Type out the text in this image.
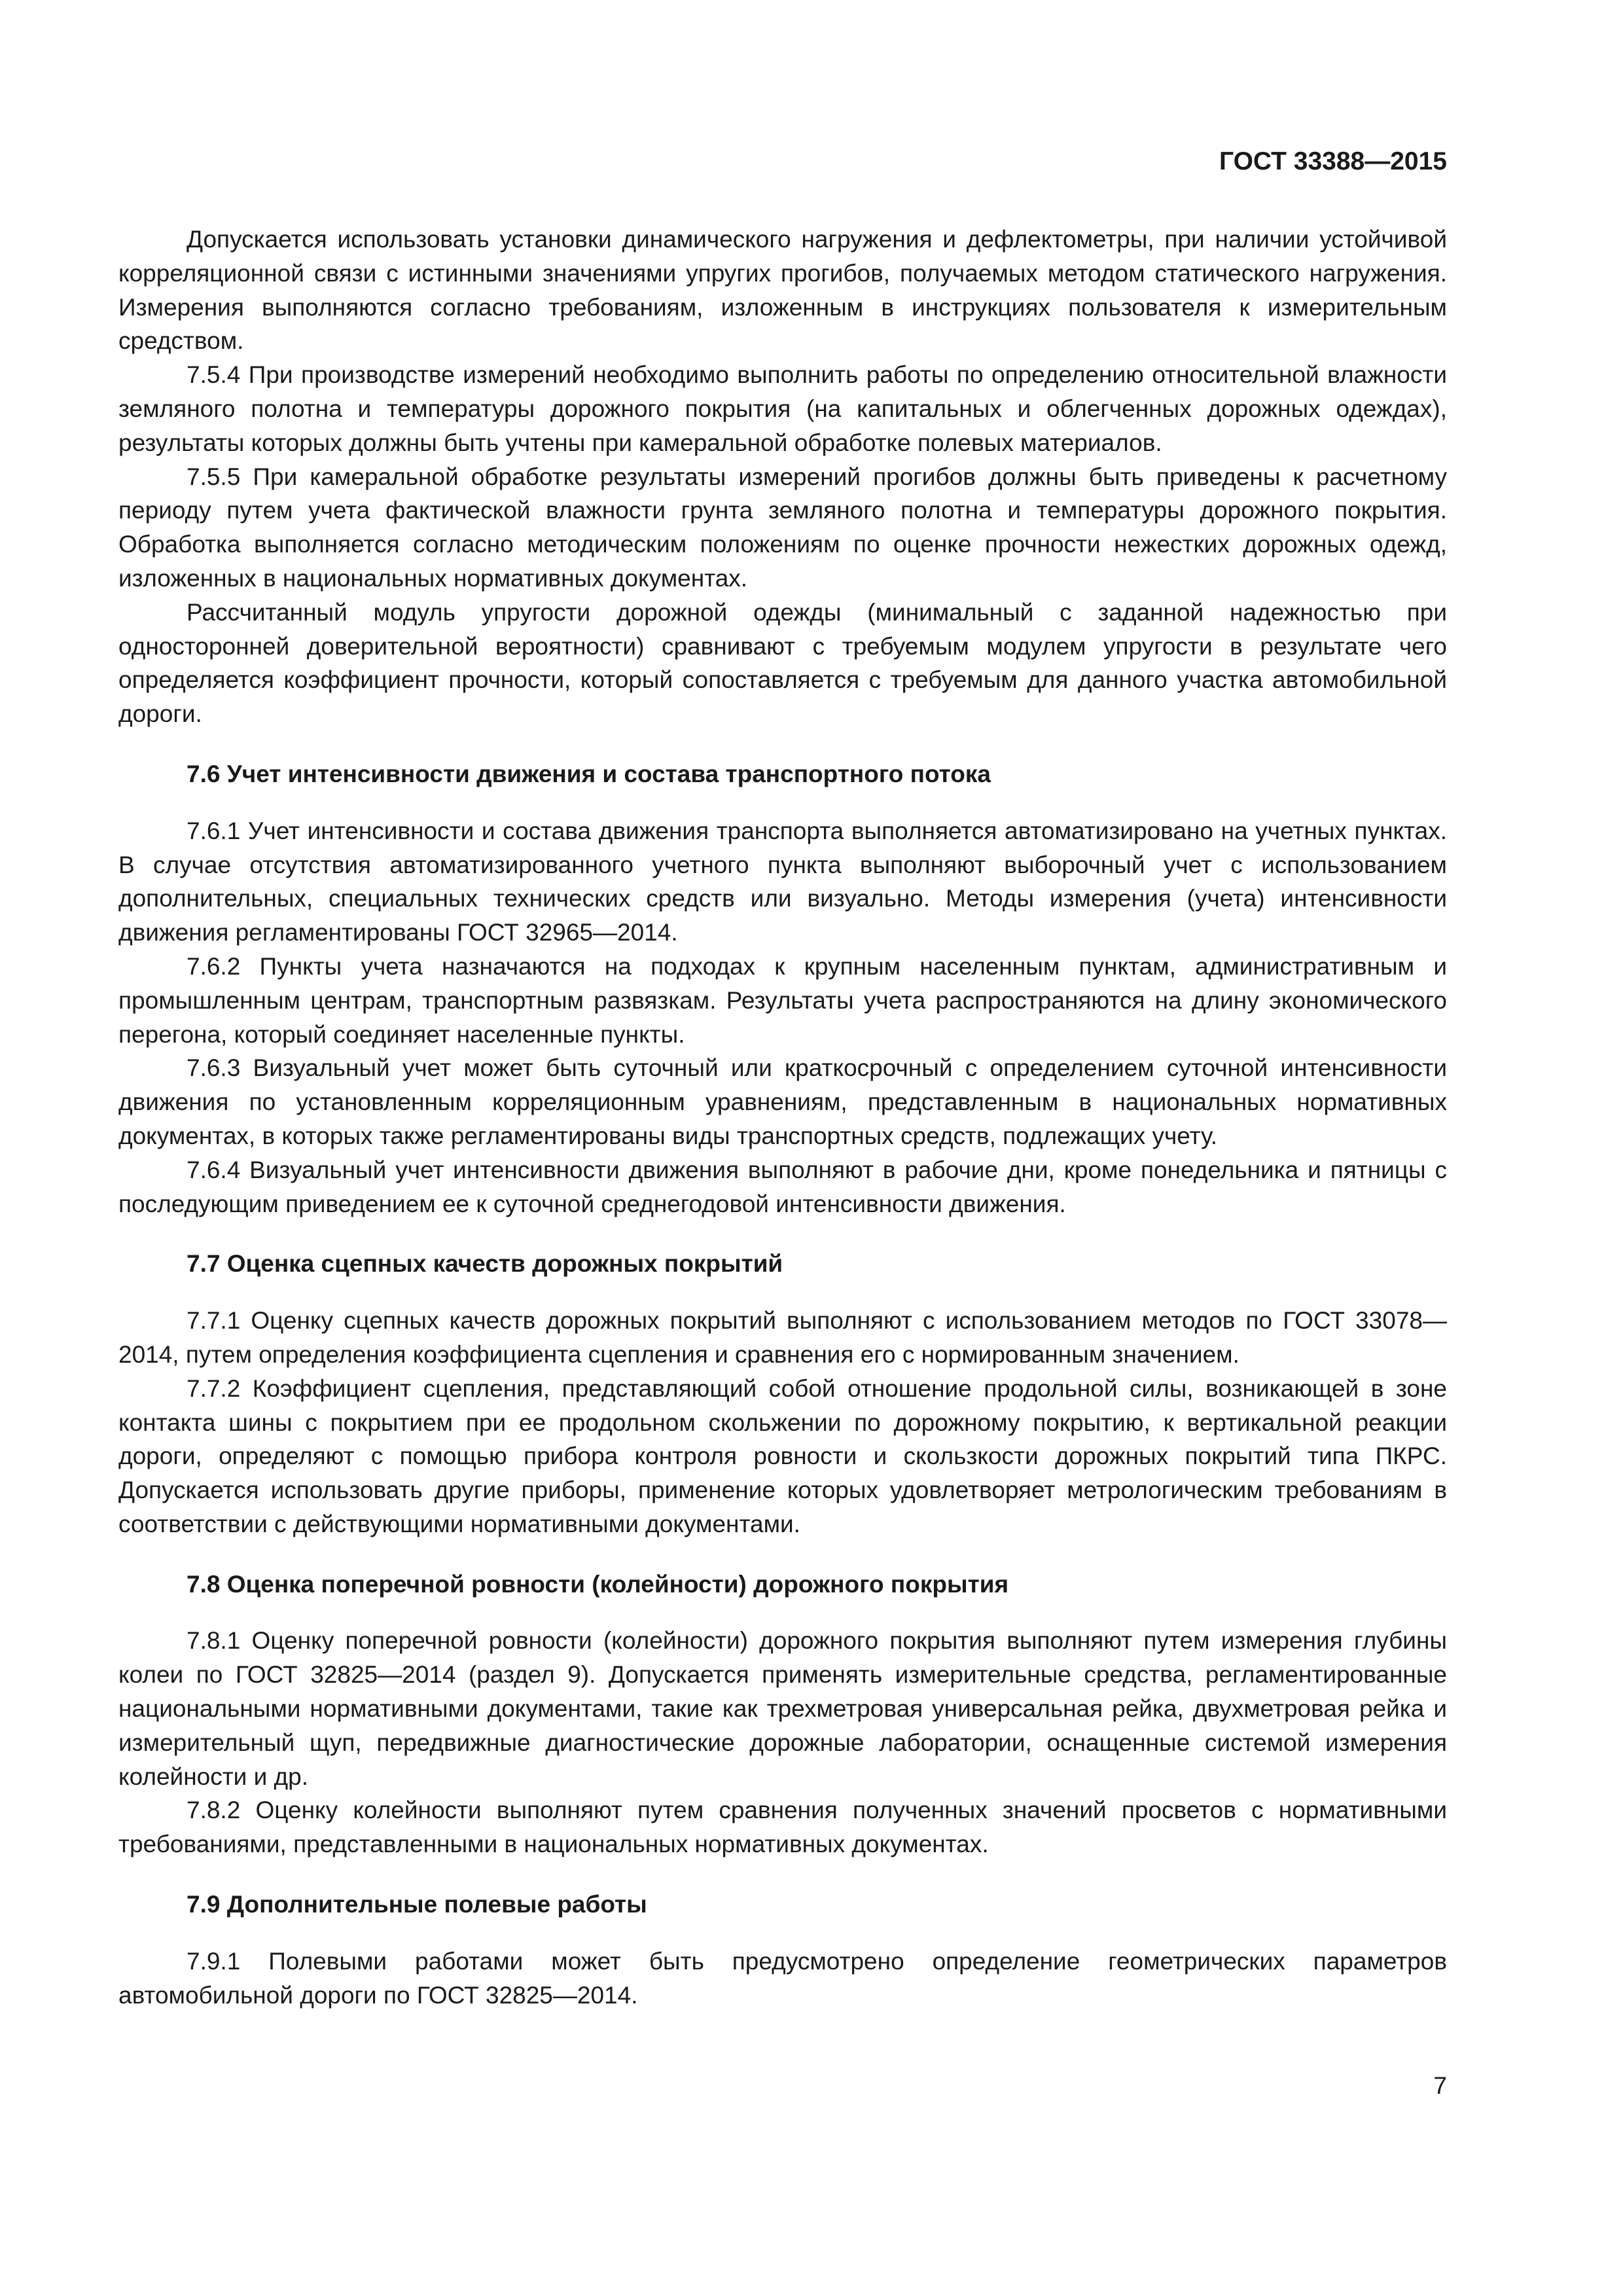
ГОСТ 33388—2015

Допускается использовать установки динамического нагружения и дефлектометры, при наличии устойчивой корреляционной связи с истинными значениями упругих прогибов, получаемых методом статического нагружения. Измерения выполняются согласно требованиям, изложенным в инструкциях пользователя к измерительным средством.

7.5.4 При производстве измерений необходимо выполнить работы по определению относительной влажности земляного полотна и температуры дорожного покрытия (на капитальных и облегченных дорожных одеждах), результаты которых должны быть учтены при камеральной обработке полевых материалов.

7.5.5 При камеральной обработке результаты измерений прогибов должны быть приведены к расчетному периоду путем учета фактической влажности грунта земляного полотна и температуры дорожного покрытия. Обработка выполняется согласно методическим положениям по оценке прочности нежестких дорожных одежд, изложенных в национальных нормативных документах.

Рассчитанный модуль упругости дорожной одежды (минимальный с заданной надежностью при односторонней доверительной вероятности) сравнивают с требуемым модулем упругости в результате чего определяется коэффициент прочности, который сопоставляется с требуемым для данного участка автомобильной дороги.

7.6 Учет интенсивности движения и состава транспортного потока

7.6.1 Учет интенсивности и состава движения транспорта выполняется автоматизировано на учетных пунктах. В случае отсутствия автоматизированного учетного пункта выполняют выборочный учет с использованием дополнительных, специальных технических средств или визуально. Методы измерения (учета) интенсивности движения регламентированы ГОСТ 32965—2014.

7.6.2 Пункты учета назначаются на подходах к крупным населенным пунктам, административным и промышленным центрам, транспортным развязкам. Результаты учета распространяются на длину экономического перегона, который соединяет населенные пункты.

7.6.3 Визуальный учет может быть суточный или краткосрочный с определением суточной интенсивности движения по установленным корреляционным уравнениям, представленным в национальных нормативных документах, в которых также регламентированы виды транспортных средств, подлежащих учету.

7.6.4 Визуальный учет интенсивности движения выполняют в рабочие дни, кроме понедельника и пятницы с последующим приведением ее к суточной среднегодовой интенсивности движения.

7.7 Оценка сцепных качеств дорожных покрытий

7.7.1 Оценку сцепных качеств дорожных покрытий выполняют с использованием методов по ГОСТ 33078—2014, путем определения коэффициента сцепления и сравнения его с нормированным значением.

7.7.2 Коэффициент сцепления, представляющий собой отношение продольной силы, возникающей в зоне контакта шины с покрытием при ее продольном скольжении по дорожному покрытию, к вертикальной реакции дороги, определяют с помощью прибора контроля ровности и скользкости дорожных покрытий типа ПКРС. Допускается использовать другие приборы, применение которых удовлетворяет метрологическим требованиям в соответствии с действующими нормативными документами.

7.8 Оценка поперечной ровности (колейности) дорожного покрытия

7.8.1 Оценку поперечной ровности (колейности) дорожного покрытия выполняют путем измерения глубины колеи по ГОСТ 32825—2014 (раздел 9). Допускается применять измерительные средства, регламентированные национальными нормативными документами, такие как трехметровая универсальная рейка, двухметровая рейка и измерительный щуп, передвижные диагностические дорожные лаборатории, оснащенные системой измерения колейности и др.

7.8.2 Оценку колейности выполняют путем сравнения полученных значений просветов с нормативными требованиями, представленными в национальных нормативных документах.

7.9 Дополнительные полевые работы

7.9.1 Полевыми работами может быть предусмотрено определение геометрических параметров автомобильной дороги по ГОСТ 32825—2014.

7
